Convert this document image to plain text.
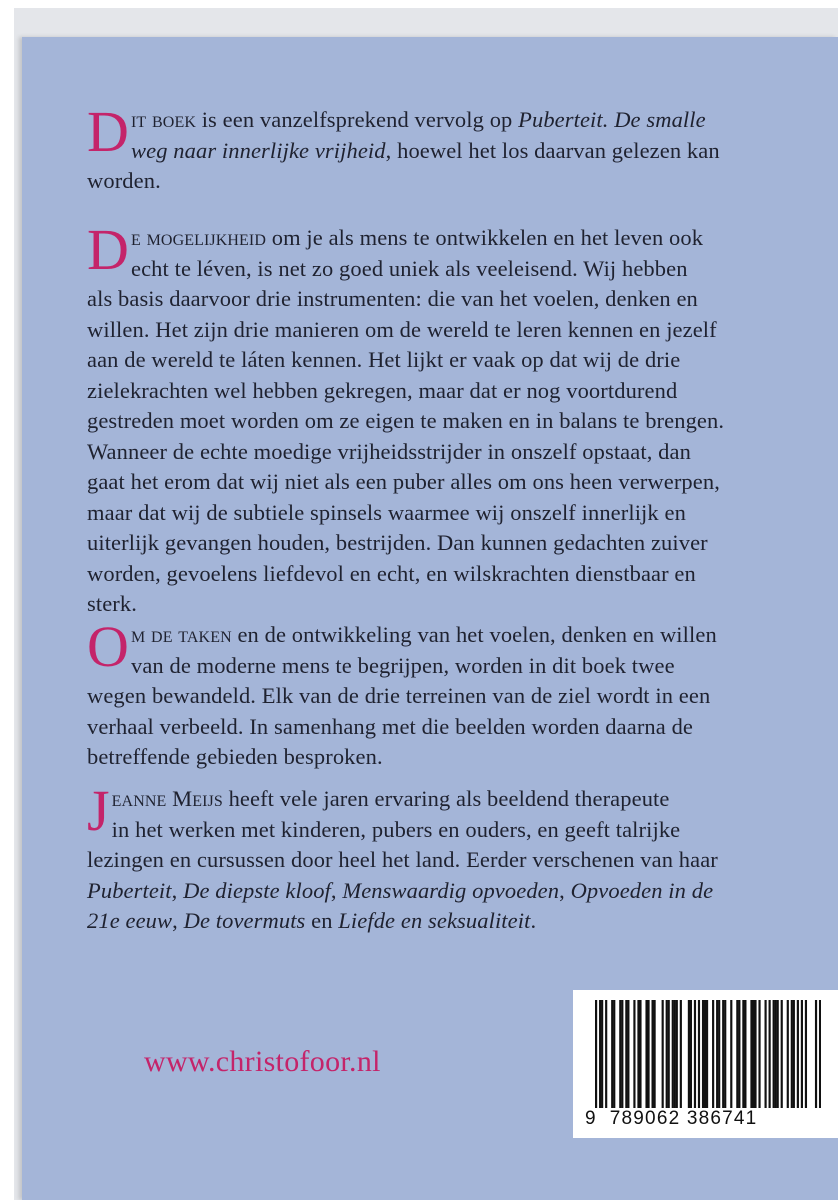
D it boek is een vanzelfsprekend vervolg op Puberteit. De smalle
weg naar innerlijke vrijheid, hoewel het los daarvan gelezen kan
worden.
D e mogelijkheid om je als mens te ontwikkelen en het leven ook
echt te léven, is net zo goed uniek als veeleisend. Wij hebben
als basis daarvoor drie instrumenten: die van het voelen, denken en
willen. Het zijn drie manieren om de wereld te leren kennen en jezelf
aan de wereld te láten kennen. Het lijkt er vaak op dat wij de drie
zielekrachten wel hebben gekregen, maar dat er nog voortdurend
gestreden moet worden om ze eigen te maken en in balans te brengen.
Wanneer de echte moedige vrijheidsstrijder in onszelf opstaat, dan
gaat het erom dat wij niet als een puber alles om ons heen verwerpen,
maar dat wij de subtiele spinsels waarmee wij onszelf innerlijk en
uiterlijk gevangen houden, bestrijden. Dan kunnen gedachten zuiver
worden, gevoelens liefdevol en echt, en wilskrachten dienstbaar en
sterk.
O m de taken en de ontwikkeling van het voelen, denken en willen
van de moderne mens te begrijpen, worden in dit boek twee
wegen bewandeld. Elk van de drie terreinen van de ziel wordt in een
verhaal verbeeld. In samenhang met die beelden worden daarna de
betreffende gebieden besproken.
J eanne Meijs heeft vele jaren ervaring als beeldend therapeute
in het werken met kinderen, pubers en ouders, en geeft talrijke
lezingen en cursussen door heel het land. Eerder verschenen van haar
Puberteit, De diepste kloof, Menswaardig opvoeden, Opvoeden in de
21e eeuw, De tovermuts en Liefde en seksualiteit.
www.christofoor.nl
9 789062 386741
